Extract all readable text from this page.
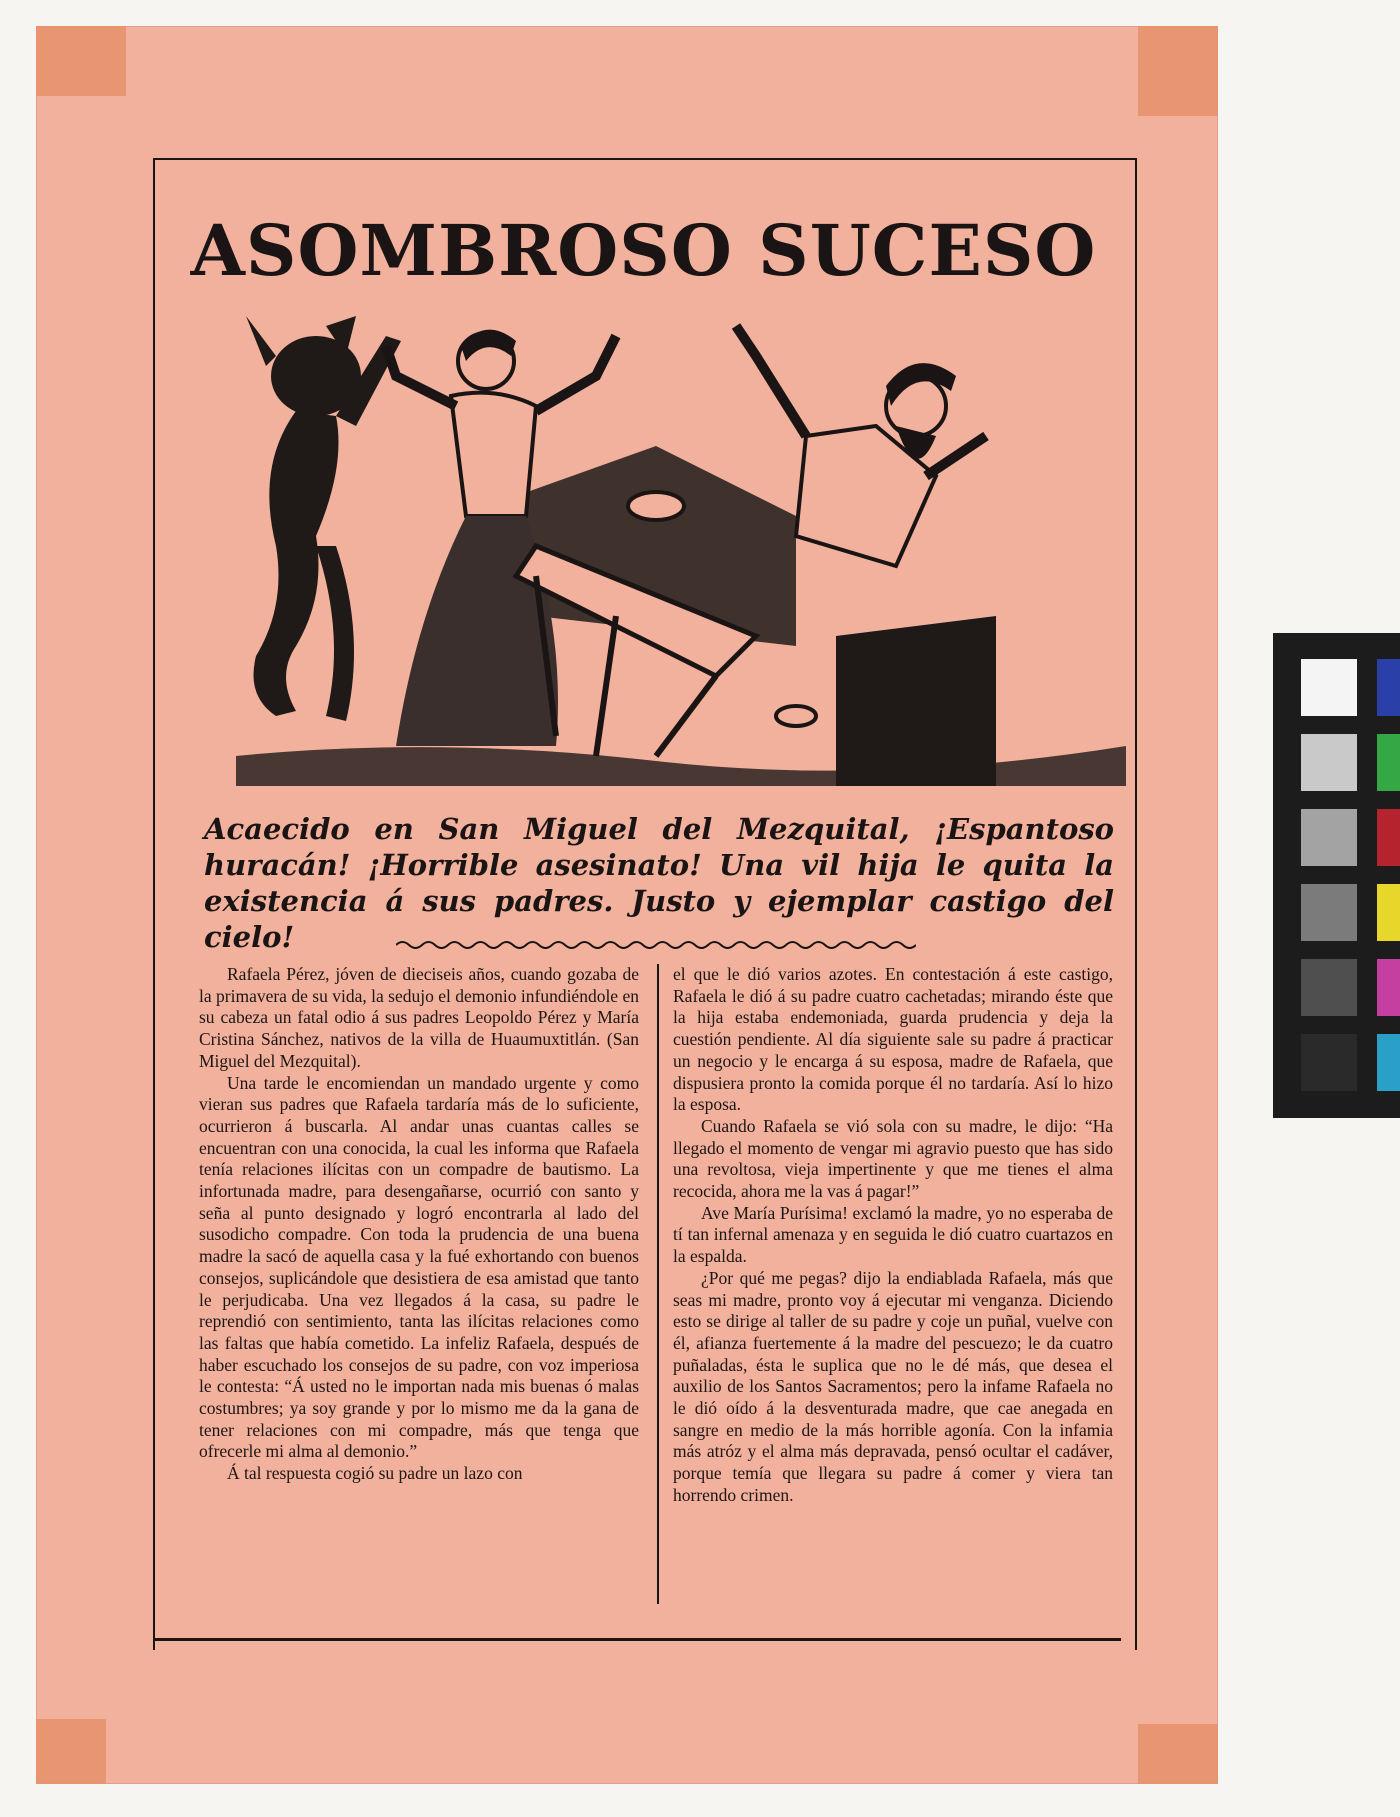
ASOMBROSO SUCESO

Acaecido en San Miguel del Mezquital, ¡Espantoso huracán! ¡Horrible asesinato! Una vil hija le quita la existencia á sus padres. Justo y ejemplar castigo del cielo!

Rafaela Pérez, jóven de dieciseis años, cuando gozaba de la primavera de su vida, la sedujo el demonio infundiéndole en su cabeza un fatal odio á sus padres Leopoldo Pérez y María Cristina Sánchez, nativos de la villa de Huaumuxtitlán. (San Miguel del Mezquital).

Una tarde le encomiendan un mandado urgente y como vieran sus padres que Rafaela tardaría más de lo suficiente, ocurrieron á buscarla. Al andar unas cuantas calles se encuentran con una conocida, la cual les informa que Rafaela tenía relaciones ilícitas con un compadre de bautismo. La infortunada madre, para desengañarse, ocurrió con santo y seña al punto designado y logró encontrarla al lado del susodicho compadre. Con toda la prudencia de una buena madre la sacó de aquella casa y la fué exhortando con buenos consejos, suplicándole que desistiera de esa amistad que tanto le perjudicaba. Una vez llegados á la casa, su padre le reprendió con sentimiento, tanta las ilícitas relaciones como las faltas que había cometido. La infeliz Rafaela, después de haber escuchado los consejos de su padre, con voz imperiosa le contesta: “Á usted no le importan nada mis buenas ó malas costumbres; ya soy grande y por lo mismo me da la gana de tener relaciones con mi compadre, más que tenga que ofrecerle mi alma al demonio.”

Á tal respuesta cogió su padre un lazo con

el que le dió varios azotes. En contestación á este castigo, Rafaela le dió á su padre cuatro cachetadas; mirando éste que la hija estaba endemoniada, guarda prudencia y deja la cuestión pendiente. Al día siguiente sale su padre á practicar un negocio y le encarga á su esposa, madre de Rafaela, que dispusiera pronto la comida porque él no tardaría. Así lo hizo la esposa.

Cuando Rafaela se vió sola con su madre, le dijo: “Ha llegado el momento de vengar mi agravio puesto que has sido una revoltosa, vieja impertinente y que me tienes el alma recocida, ahora me la vas á pagar!”

Ave María Purísima! exclamó la madre, yo no esperaba de tí tan infernal amenaza y en seguida le dió cuatro cuartazos en la espalda.

¿Por qué me pegas? dijo la endiablada Rafaela, más que seas mi madre, pronto voy á ejecutar mi venganza. Diciendo esto se dirige al taller de su padre y coje un puñal, vuelve con él, afianza fuertemente á la madre del pescuezo; le da cuatro puñaladas, ésta le suplica que no le dé más, que desea el auxilio de los Santos Sacramentos; pero la infame Rafaela no le dió oído á la desventurada madre, que cae anegada en sangre en medio de la más horrible agonía. Con la infamia más atróz y el alma más depravada, pensó ocultar el cadáver, porque temía que llegara su padre á comer y viera tan horrendo crimen.
